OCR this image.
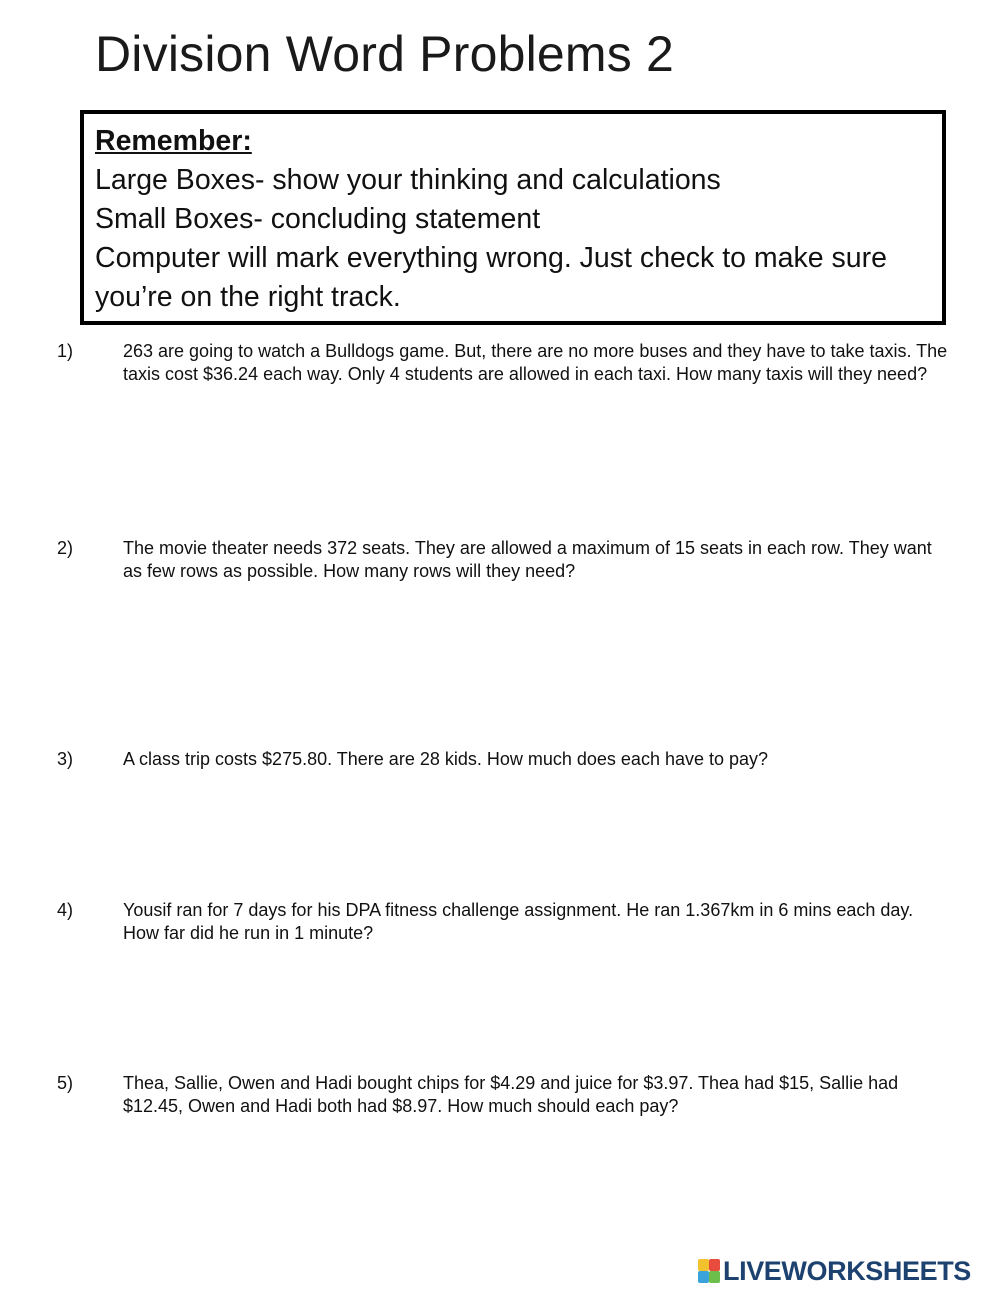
Division Word Problems 2
Remember:
Large Boxes- show your thinking and calculations
Small Boxes- concluding statement
Computer will mark everything wrong. Just check to make sure
you’re on the right track.
1)	263 are going to watch a Bulldogs game. But, there are no more buses and they have to take taxis. The taxis cost $36.24 each way. Only 4 students are allowed in each taxi. How many taxis will they need?
2)	The movie theater needs 372 seats. They are allowed a maximum of 15 seats in each row. They want as few rows as possible. How many rows will they need?
3)	A class trip costs $275.80. There are 28 kids. How much does each have to pay?
4)	Yousif ran for 7 days for his DPA fitness challenge assignment. He ran 1.367km in 6 mins each day. How far did he run in 1 minute?
5)	Thea, Sallie, Owen and Hadi bought chips for $4.29 and juice for $3.97. Thea had $15, Sallie had $12.45, Owen and Hadi both had $8.97. How much should each pay?
LIVEWORKSHEETS
